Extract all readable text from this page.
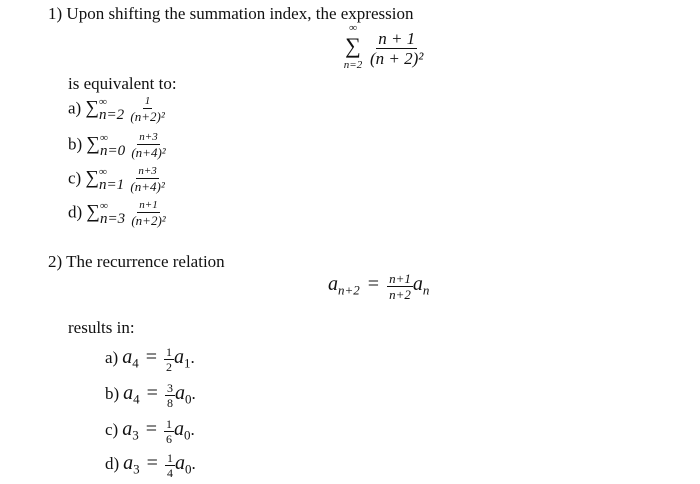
1) Upon shifting the summation index, the expression
∞
∑
$n=2 \frac{n + 1}{\text{(n + 2)²}}$
is equivalent to:
a) ∑ ∞
n=2
$\frac{1}{\text{(n+2)²}}$
b) ∑ ∞
n=0
$\frac{n+3}{\text{(n+4)²}}$
c) ∑ ∞
n=1
$\frac{n+3}{\text{(n+4)²}}$
d) ∑ ∞
n=3
$\frac{n+1}{\text{(n+2)²}}$
2) The recurrence relation
$a_{n+2} = \frac{n+1}{n+2} a_n$
results in:
a) $a_4 = \frac{1}{2} a_1$.
b) $a_4 = \frac{3}{8} a_0$.
c) $a_3 = \frac{1}{6} a_0$.
d) $a_3 = \frac{1}{4} a_0$.
